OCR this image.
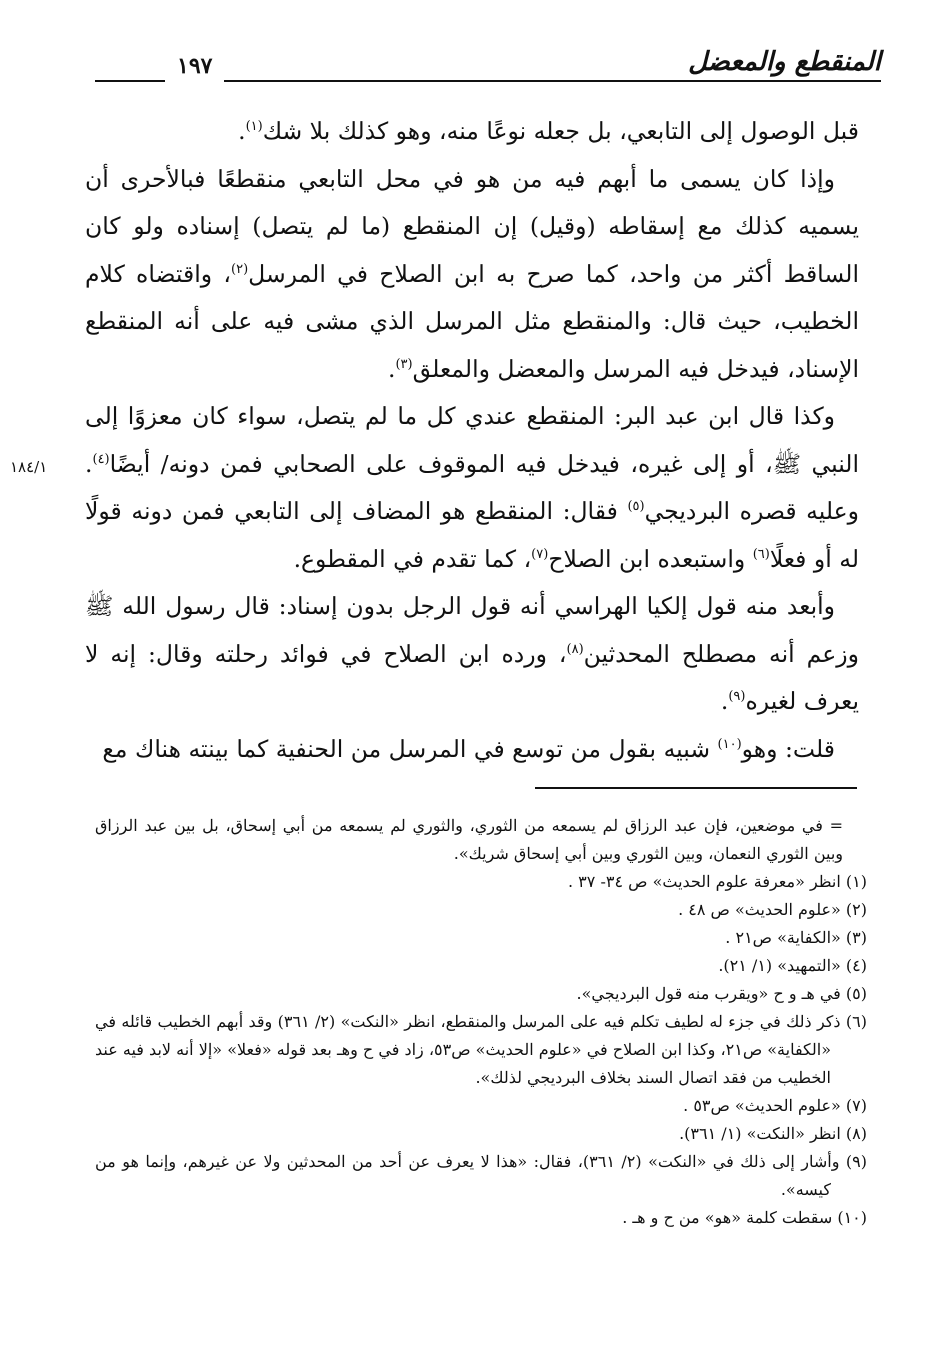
المنقطع والمعضل
١٩٧
١٨٤/١

قبل الوصول إلى التابعي، بل جعله نوعًا منه، وهو كذلك بلا شك$^{(١)}$.

وإذا كان يسمى ما أبهم فيه من هو في محل التابعي منقطعًا فبالأحرى أن يسميه كذلك مع إسقاطه (وقيل) إن المنقطع (ما لم يتصل) إسناده ولو كان الساقط أكثر من واحد، كما صرح به ابن الصلاح في المرسل$^{(٢)}$، واقتضاه كلام الخطيب، حيث قال: والمنقطع مثل المرسل الذي مشى فيه على أنه المنقطع الإسناد، فيدخل فيه المرسل والمعضل والمعلق$^{(٣)}$.

وكذا قال ابن عبد البر: المنقطع عندي كل ما لم يتصل، سواء كان معزوًا إلى النبي ﷺ، أو إلى غيره، فيدخل فيه الموقوف على الصحابي فمن دونه/ أيضًا$^{(٤)}$. وعليه قصره البرديجي$^{(٥)}$ فقال: المنقطع هو المضاف إلى التابعي فمن دونه قولًا له أو فعلًا$^{(٦)}$ واستبعده ابن الصلاح$^{(٧)}$، كما تقدم في المقطوع.

وأبعد منه قول إلكيا الهراسي أنه قول الرجل بدون إسناد: قال رسول الله ﷺ وزعم أنه مصطلح المحدثين$^{(٨)}$، ورده ابن الصلاح في فوائد رحلته وقال: إنه لا يعرف لغيره$^{(٩)}$.

قلت: وهو$^{(١٠)}$ شبيه بقول من توسع في المرسل من الحنفية كما بينته هناك مع

= في موضعين، فإن عبد الرزاق لم يسمعه من الثوري، والثوري لم يسمعه من أبي إسحاق، بل بين عبد الرزاق وبين الثوري النعمان، وبين الثوري وبين أبي إسحاق شريك».

(١) انظر «معرفة علوم الحديث» ص ٣٤- ٣٧ .

(٢) «علوم الحديث» ص ٤٨ .

(٣) «الكفاية» ص٢١ .

(٤) «التمهيد» (١/ ٢١).

(٥) في هـ و ح «ويقرب منه قول البرديجي».

(٦) ذكر ذلك في جزء له لطيف تكلم فيه على المرسل والمنقطع، انظر «النكت» (٢/ ٣٦١) وقد أبهم الخطيب قائله في «الكفاية» ص٢١، وكذا ابن الصلاح في «علوم الحديث» ص٥٣، زاد في ح وهـ بعد قوله «فعلا» «إلا أنه لابد فيه عند الخطيب من فقد اتصال السند بخلاف البرديجي لذلك».

(٧) «علوم الحديث» ص٥٣ .

(٨) انظر «النكت» (١/ ٣٦١).

(٩) وأشار إلى ذلك في «النكت» (٢/ ٣٦١)، فقال: «هذا لا يعرف عن أحد من المحدثين ولا عن غيرهم، وإنما هو من كيسه».

(١٠) سقطت كلمة «هو» من ح و هـ .
